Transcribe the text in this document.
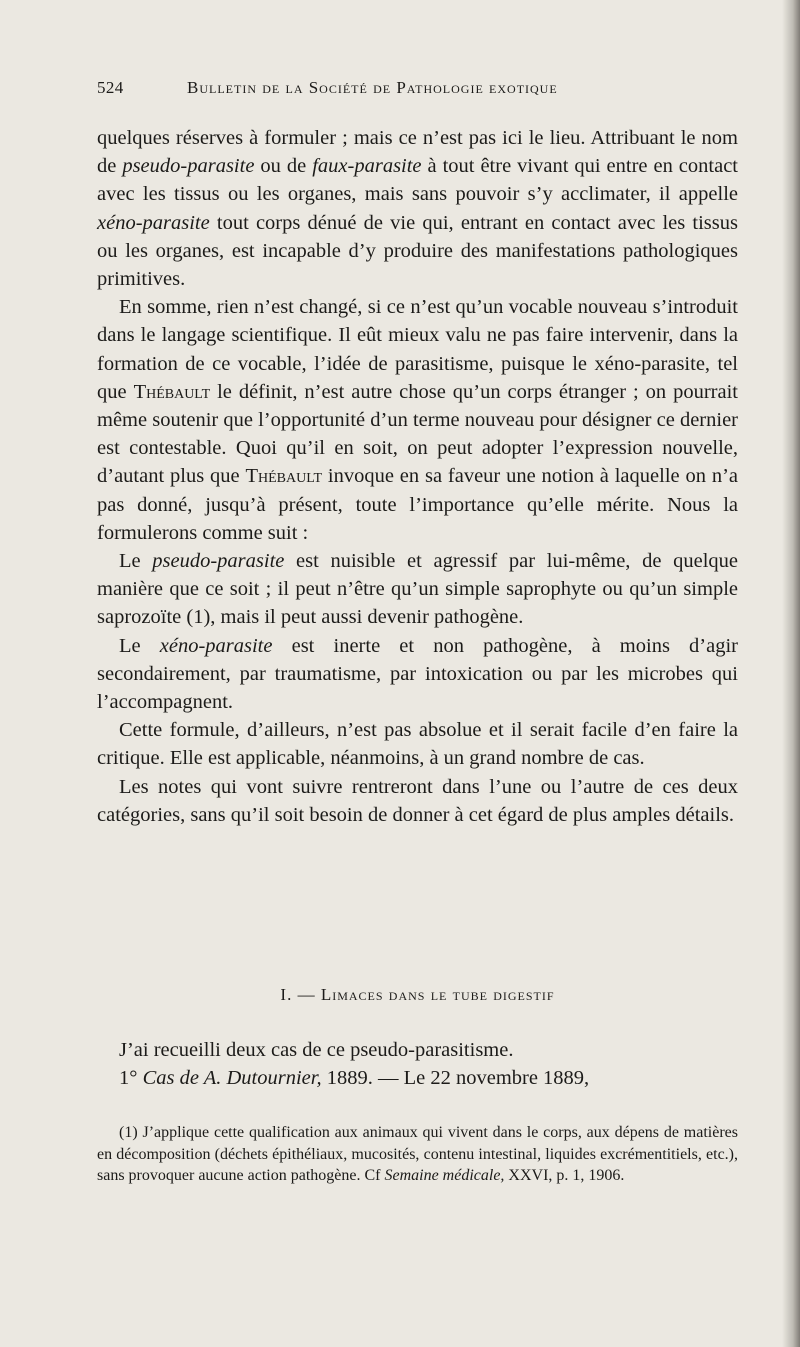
524	Bulletin de la Société de Pathologie exotique

quelques réserves à formuler ; mais ce n’est pas ici le lieu. Attribuant le nom de pseudo-parasite ou de faux-parasite à tout être vivant qui entre en contact avec les tissus ou les organes, mais sans pouvoir s’y acclimater, il appelle xéno-parasite tout corps dénué de vie qui, entrant en contact avec les tissus ou les organes, est incapable d’y produire des manifestations pathologiques primitives.

En somme, rien n’est changé, si ce n’est qu’un vocable nouveau s’introduit dans le langage scientifique. Il eût mieux valu ne pas faire intervenir, dans la formation de ce vocable, l’idée de parasitisme, puisque le xéno-parasite, tel que Thébault le définit, n’est autre chose qu’un corps étranger ; on pourrait même soutenir que l’opportunité d’un terme nouveau pour désigner ce dernier est contestable. Quoi qu’il en soit, on peut adopter l’expression nouvelle, d’autant plus que Thébault invoque en sa faveur une notion à laquelle on n’a pas donné, jusqu’à présent, toute l’importance qu’elle mérite. Nous la formulerons comme suit :

Le pseudo-parasite est nuisible et agressif par lui-même, de quelque manière que ce soit ; il peut n’être qu’un simple saprophyte ou qu’un simple saprozoïte (1), mais il peut aussi devenir pathogène.

Le xéno-parasite est inerte et non pathogène, à moins d’agir secondairement, par traumatisme, par intoxication ou par les microbes qui l’accompagnent.

Cette formule, d’ailleurs, n’est pas absolue et il serait facile d’en faire la critique. Elle est applicable, néanmoins, à un grand nombre de cas.

Les notes qui vont suivre rentreront dans l’une ou l’autre de ces deux catégories, sans qu’il soit besoin de donner à cet égard de plus amples détails.

I. — Limaces dans le tube digestif

J’ai recueilli deux cas de ce pseudo-parasitisme.

1° Cas de A. Dutournier, 1889. — Le 22 novembre 1889,

(1) J’applique cette qualification aux animaux qui vivent dans le corps, aux dépens de matières en décomposition (déchets épithéliaux, mucosités, contenu intestinal, liquides excrémentitiels, etc.), sans provoquer aucune action pathogène. Cf Semaine médicale, XXVI, p. 1, 1906.
